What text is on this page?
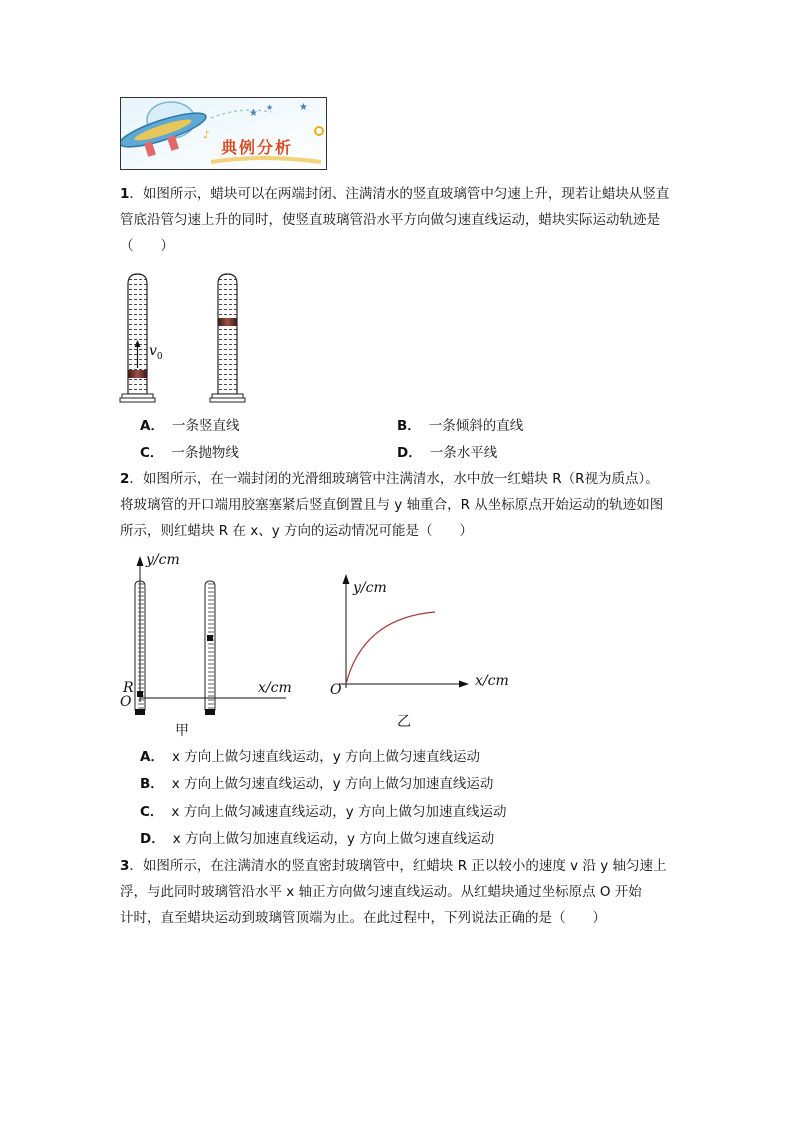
★
★	★
♪
典例分析
1．如图所示，蜡块可以在两端封闭、注满清水的竖直玻璃管中匀速上升，现若让蜡块从竖直管底沿管匀速上升的同时，使竖直玻璃管沿水平方向做匀速直线运动，蜡块实际运动轨迹是（　　）
$v_0$
A． 一条竖直线	B． 一条倾斜的直线
C． 一条抛物线	D． 一条水平线
2．如图所示，在一端封闭的光滑细玻璃管中注满清水，水中放一红蜡块 R（R视为质点）。
将玻璃管的开口端用胶塞塞紧后竖直倒置且与 y 轴重合，R 从坐标原点开始运动的轨迹如图
所示，则红蜡块 R 在 x、y 方向的运动情况可能是（　　）
y/cm
x/cm
R
O
甲
y/cm
x/cm
O
乙
A． x 方向上做匀速直线运动，y 方向上做匀速直线运动
B． x 方向上做匀速直线运动，y 方向上做匀加速直线运动
C． x 方向上做匀减速直线运动，y 方向上做匀加速直线运动
D． x 方向上做匀加速直线运动，y 方向上做匀速直线运动
3．如图所示，在注满清水的竖直密封玻璃管中，红蜡块 R 正以较小的速度 v 沿 y 轴匀速上
浮，与此同时玻璃管沿水平 x 轴正方向做匀速直线运动。从红蜡块通过坐标原点 O 开始
计时，直至蜡块运动到玻璃管顶端为止。在此过程中，下列说法正确的是（　　）
